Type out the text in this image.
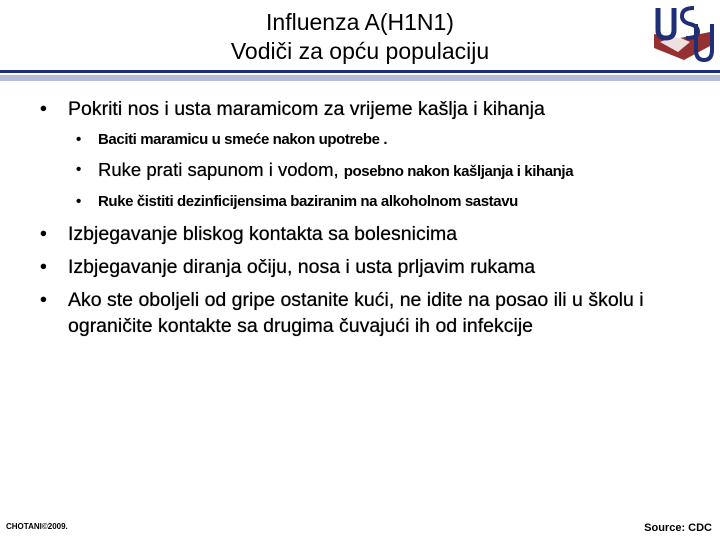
Influenza A(H1N1)
Vodiči za opću populaciju
• Pokriti nos i usta maramicom za vrijeme kašlja i kihanja
• Baciti maramicu u smeće nakon upotrebe .
• Ruke prati sapunom i vodom, posebno nakon kašljanja i kihanja
• Ruke čistiti dezinficijensima baziranim na alkoholnom sastavu
• Izbjegavanje bliskog kontakta sa bolesnicima
• Izbjegavanje diranja očiju, nosa i usta prljavim rukama
• Ako ste oboljeli od gripe ostanite kući, ne idite na posao ili u školu i ograničite kontakte sa drugima čuvajući ih od infekcije
CHOTANI©2009.	Source: CDC
